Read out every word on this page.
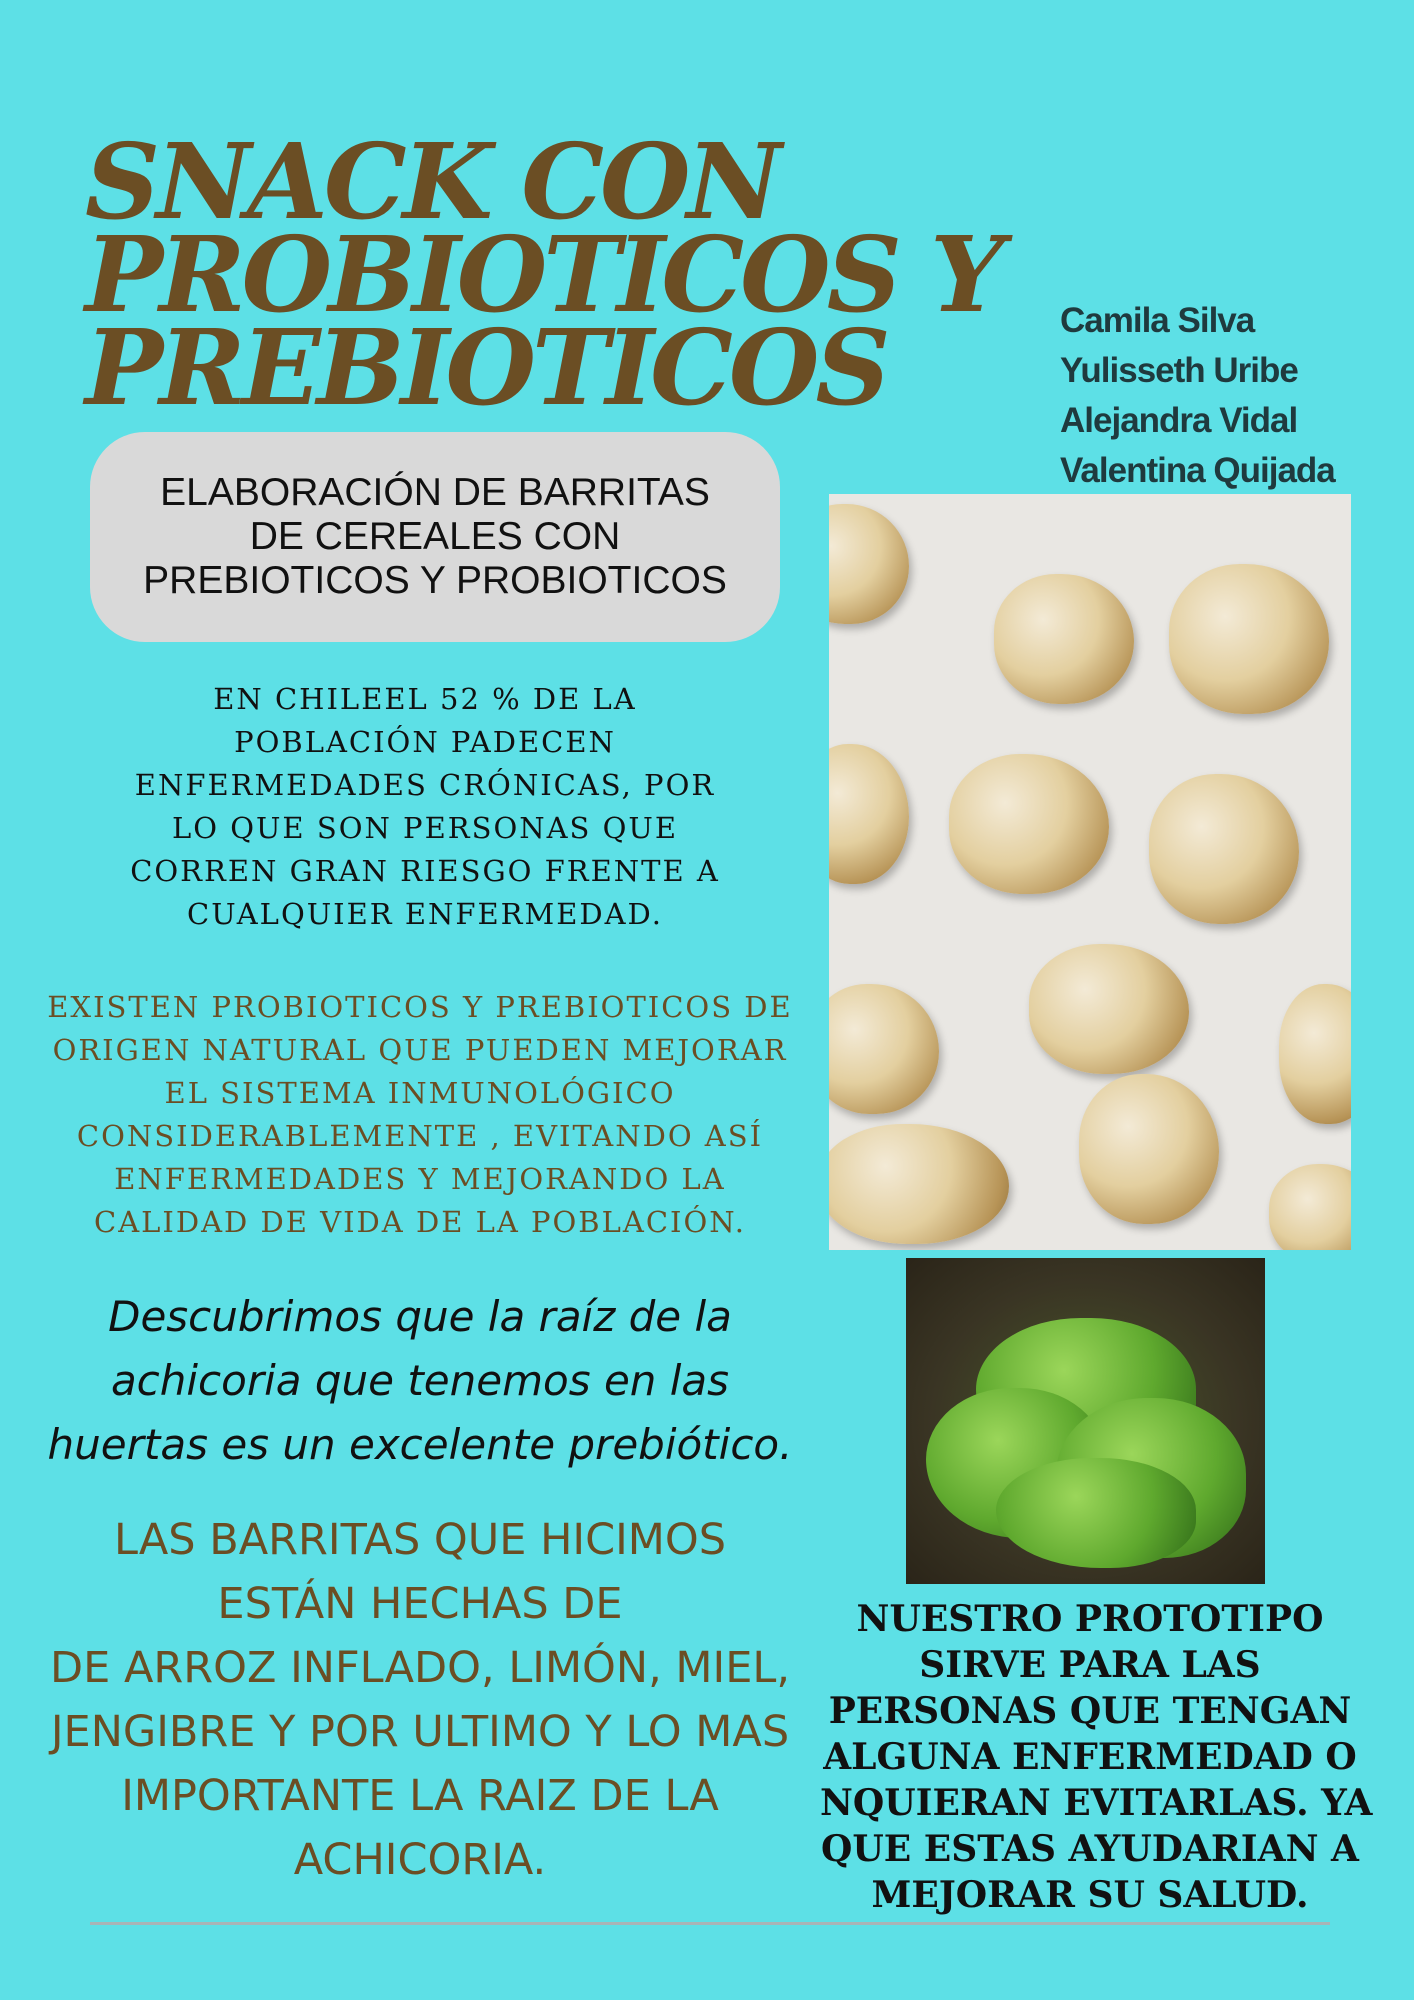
SNACK CON
PROBIOTICOS Y
PREBIOTICOS	Camila Silva
Yulisseth Uribe
Alejandra Vidal
Valentina Quijada
ELABORACIÓN DE BARRITAS
DE CEREALES CON
PREBIOTICOS Y PROBIOTICOS
EN CHILEEL 52 % DE LA
POBLACIÓN PADECEN
ENFERMEDADES CRÓNICAS, POR
LO QUE SON PERSONAS QUE
CORREN GRAN RIESGO FRENTE A
CUALQUIER ENFERMEDAD.
EXISTEN PROBIOTICOS Y PREBIOTICOS DE
ORIGEN NATURAL QUE PUEDEN MEJORAR
EL SISTEMA INMUNOLÓGICO
CONSIDERABLEMENTE , EVITANDO ASÍ
ENFERMEDADES Y MEJORANDO LA
CALIDAD DE VIDA DE LA POBLACIÓN.
Descubrimos que la raíz de la
achicoria que tenemos en las
huertas es un excelente prebiótico.
LAS BARRITAS QUE HICIMOS
ESTÁN HECHAS DE
DE ARROZ INFLADO, LIMÓN, MIEL,
JENGIBRE Y POR ULTIMO Y LO MAS
IMPORTANTE LA RAIZ DE LA
ACHICORIA.
NUESTRO PROTOTIPO
SIRVE PARA LAS
PERSONAS QUE TENGAN
ALGUNA ENFERMEDAD O
NQUIERAN EVITARLAS. YA
QUE ESTAS AYUDARIAN A
MEJORAR SU SALUD.
